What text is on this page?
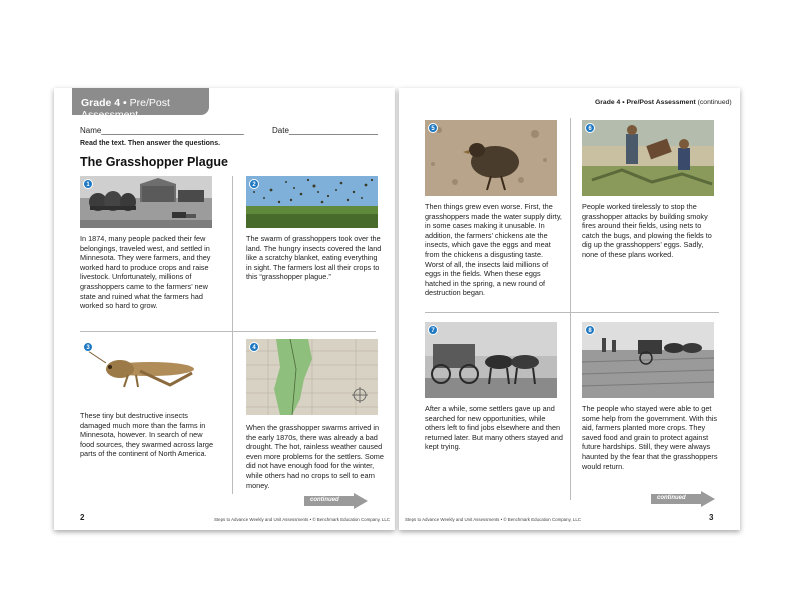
Grade 4 • Pre/Post Assessment
Name________________________________	Date____________________
Read the text. Then answer the questions.
The Grasshopper Plague
1
In 1874, many people packed their few belongings, traveled west, and settled in Minnesota. They were farmers, and they worked hard to produce crops and raise livestock. Unfortunately, millions of grasshoppers came to the farmers’ new state and ruined what the farmers had worked so hard to grow.
2
The swarm of grasshoppers took over the land. The hungry insects covered the land like a scratchy blanket, eating everything in sight. The farmers lost all their crops to this “grasshopper plague.”
3
These tiny but destructive insects damaged much more than the farms in Minnesota, however. In search of new food sources, they swarmed across large parts of the continent of North America.
4
When the grasshopper swarms arrived in the early 1870s, there was already a bad drought. The hot, rainless weather caused even more problems for the settlers. Some did not have enough food for the winter, while others had no crops to sell to earn money.
continued
2	Steps to Advance Weekly and Unit Assessments • © Benchmark Education Company, LLC
Grade 4 • Pre/Post Assessment (continued)
5
Then things grew even worse. First, the grasshoppers made the water supply dirty, in some cases making it unusable. In addition, the farmers’ chickens ate the insects, which gave the eggs and meat from the chickens a disgusting taste. Worst of all, the insects laid millions of eggs in the fields. When these eggs hatched in the spring, a new round of destruction began.
6
People worked tirelessly to stop the grasshopper attacks by building smoky fires around their fields, using nets to catch the bugs, and plowing the fields to dig up the grasshoppers’ eggs. Sadly, none of these plans worked.
7
After a while, some settlers gave up and searched for new opportunities, while others left to find jobs elsewhere and then returned later. But many others stayed and kept trying.
8
The people who stayed were able to get some help from the government. With this aid, farmers planted more crops. They saved food and grain to protect against future hardships. Still, they were always haunted by the fear that the grasshoppers would return.
continued
Steps to Advance Weekly and Unit Assessments • © Benchmark Education Company, LLC	3
